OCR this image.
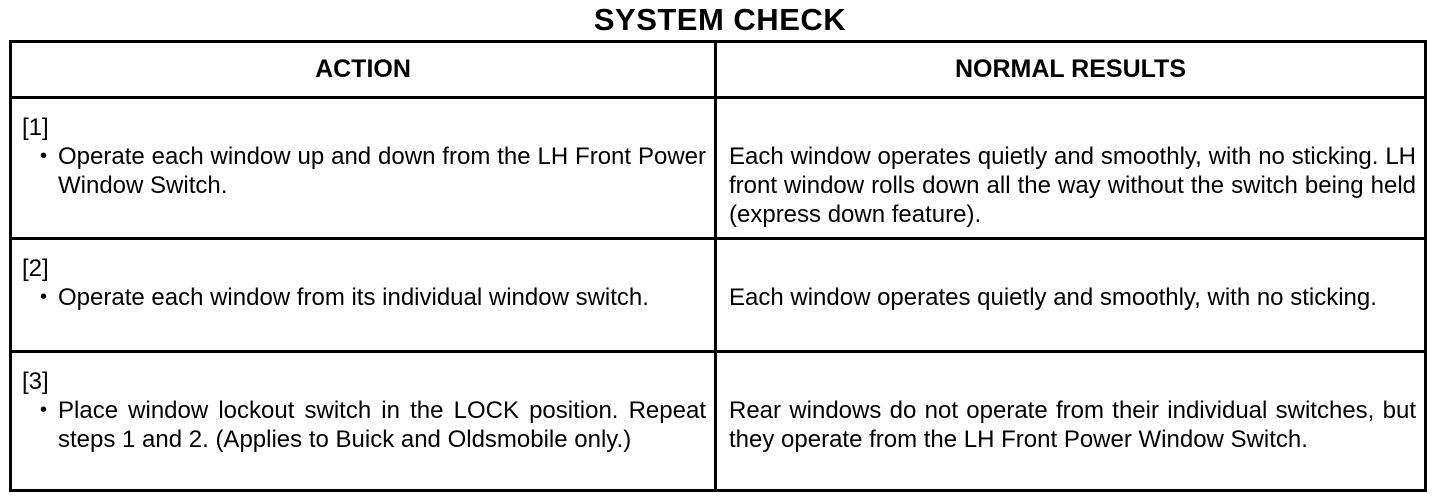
SYSTEM CHECK
ACTION	NORMAL RESULTS

[1]
• Operate each window up and down from the LH Front Power Window Switch.	Each window operates quietly and smoothly, with no sticking. LH front window rolls down all the way without the switch being held (express down feature).

[2]
• Operate each window from its individual window switch.	Each window operates quietly and smoothly, with no sticking.

[3]
• Place window lockout switch in the LOCK position. Repeat steps 1 and 2. (Applies to Buick and Oldsmobile only.)	Rear windows do not operate from their individual switches, but they operate from the LH Front Power Window Switch.
